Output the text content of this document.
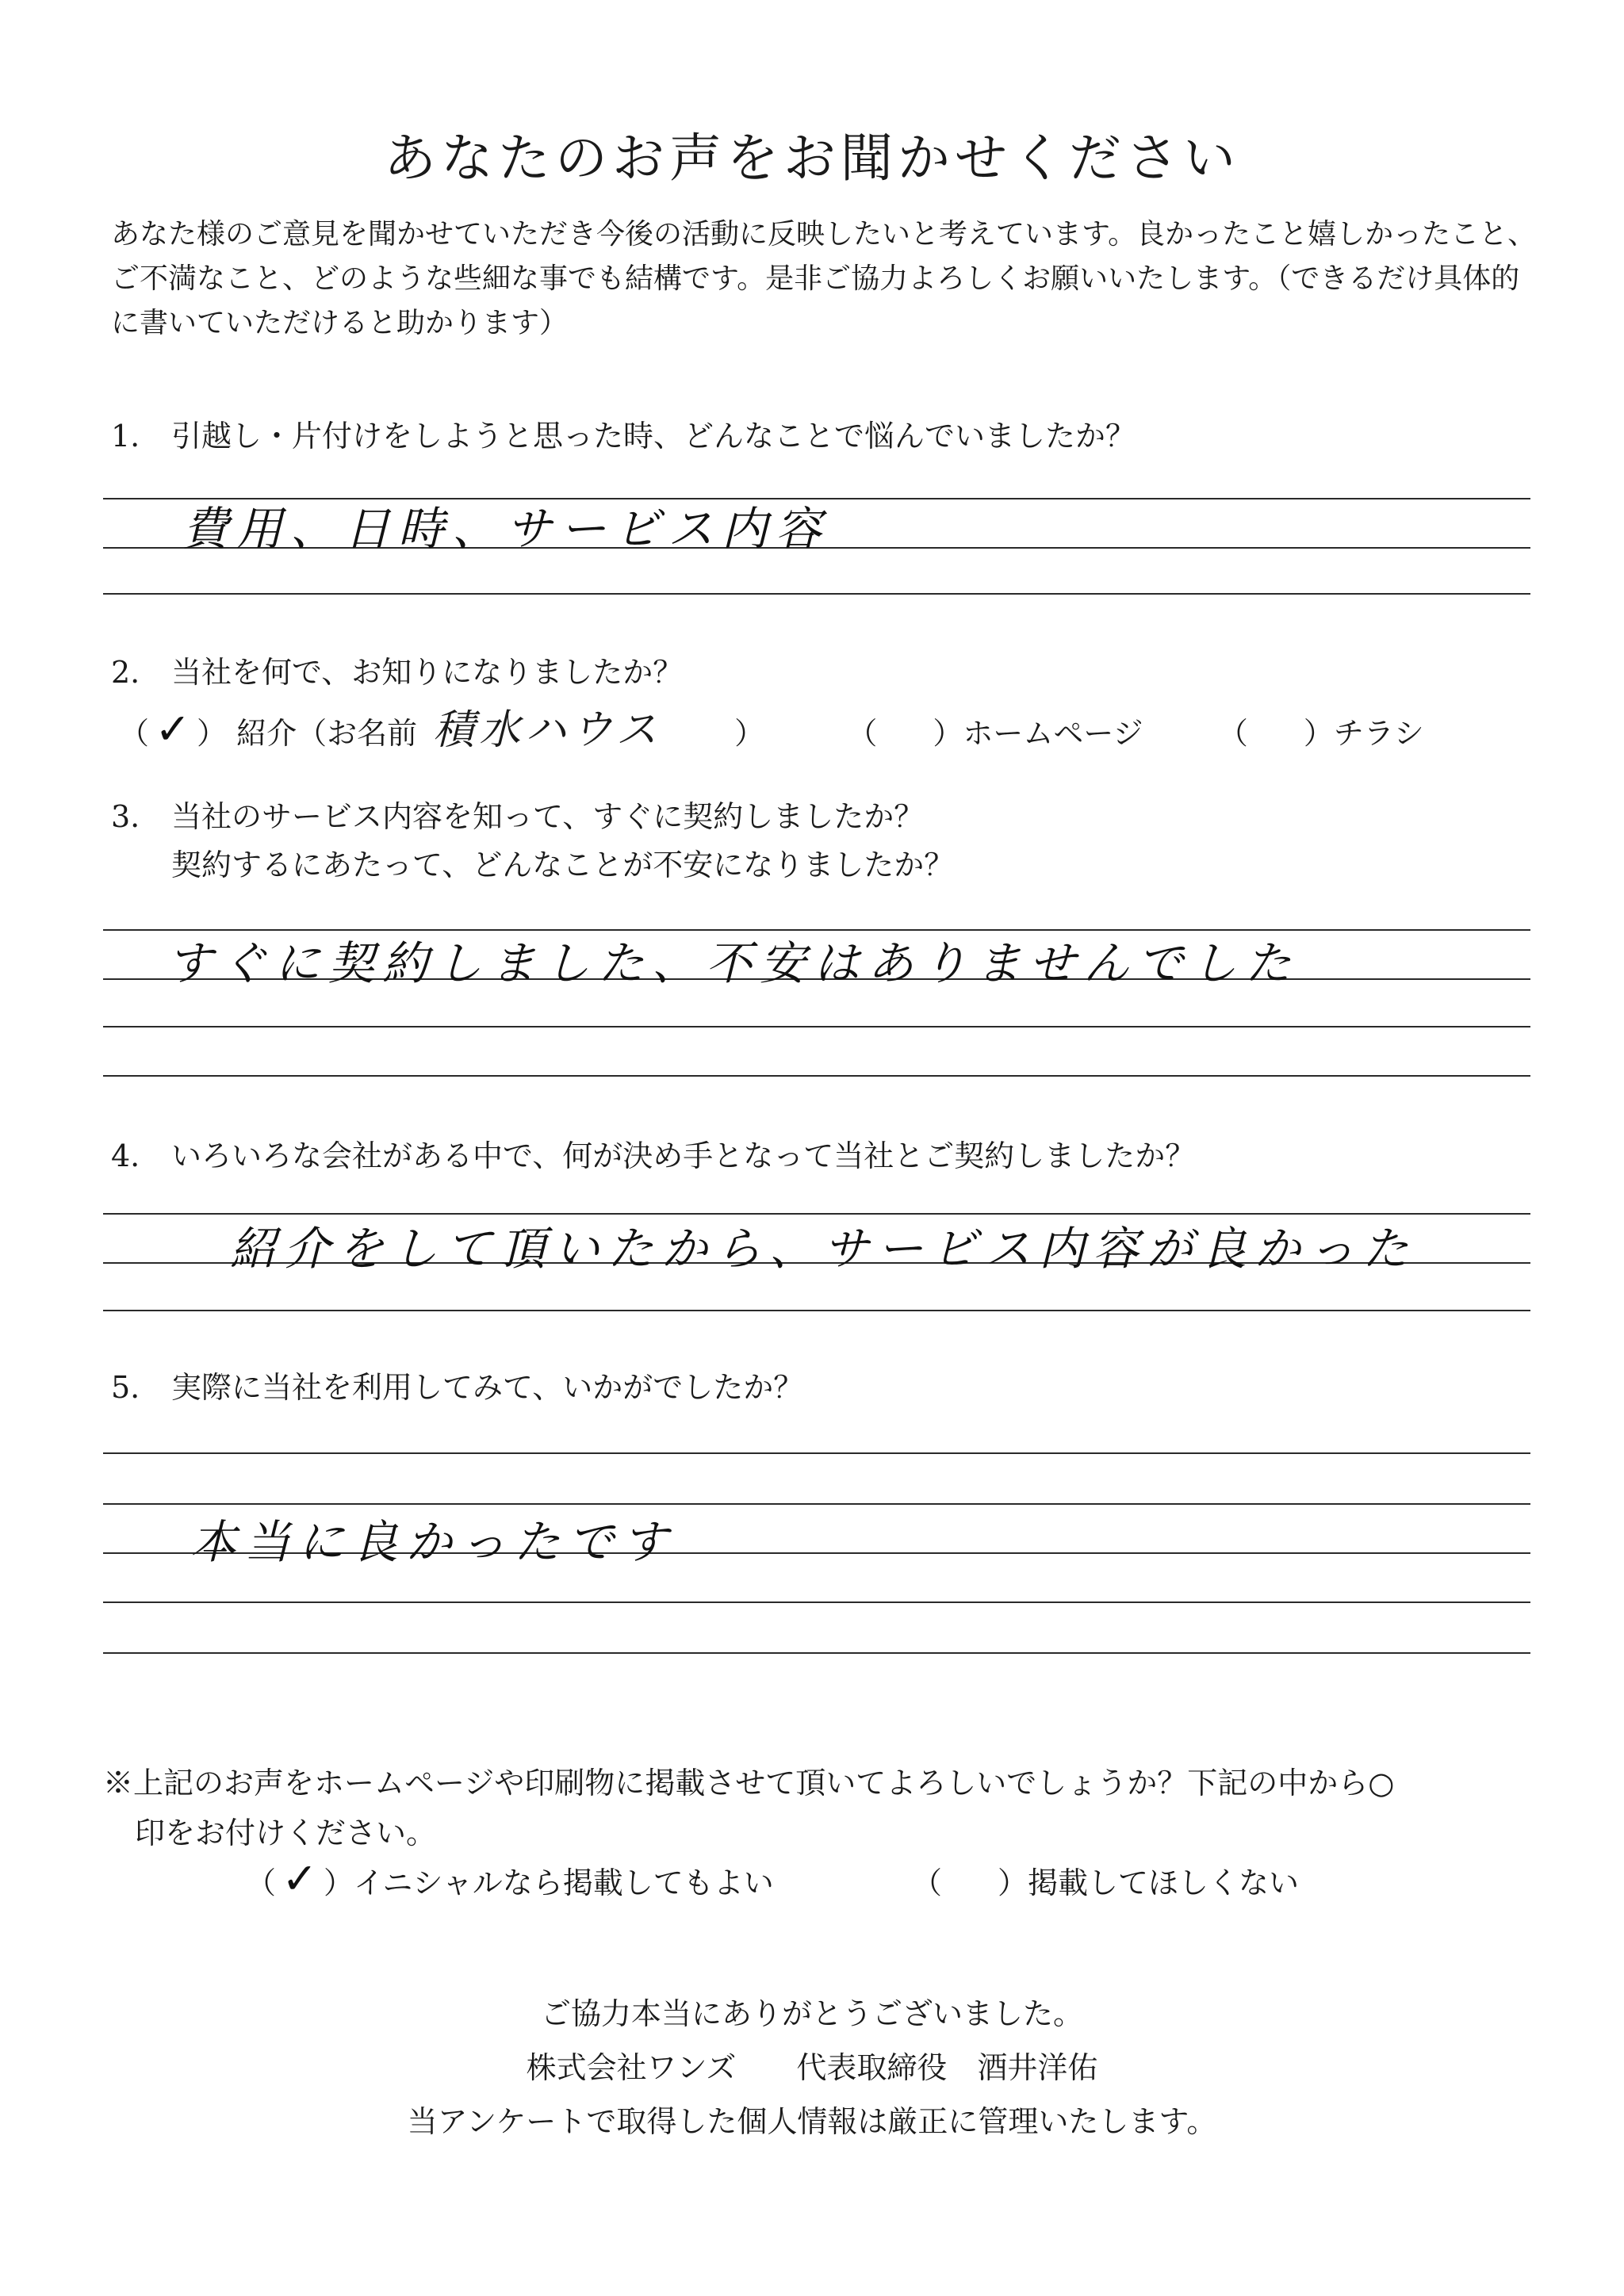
あなたのお声をお聞かせください
あなた様のご意見を聞かせていただき今後の活動に反映したいと考えています。良かったこと嬉しかったこと、ご不満なこと、どのような些細な事でも結構です。是非ご協力よろしくお願いいたします。（できるだけ具体的に書いていただけると助かります）
1. 引越し・片付けをしようと思った時、どんなことで悩んでいましたか？
費用、日時、サービス内容
2. 当社を何で、お知りになりましたか？
（ ✓ ） 紹介（お名前 積水ハウス ）	（ ）ホームページ （ ）チラシ
3. 当社のサービス内容を知って、すぐに契約しましたか？
契約するにあたって、どんなことが不安になりましたか？
すぐに契約しました、不安はありませんでした
4. いろいろな会社がある中で、何が決め手となって当社とご契約しましたか？
紹介をして頂いたから、サービス内容が良かった
5. 実際に当社を利用してみて、いかがでしたか？
本当に良かったです
※上記のお声をホームページや印刷物に掲載させて頂いてよろしいでしょうか？下記の中から○
印をお付けください。
（ ✓ ）イニシャルなら掲載してもよい	（ ）掲載してほしくない
ご協力本当にありがとうございました。
株式会社ワンズ　　代表取締役　酒井洋佑
当アンケートで取得した個人情報は厳正に管理いたします。
